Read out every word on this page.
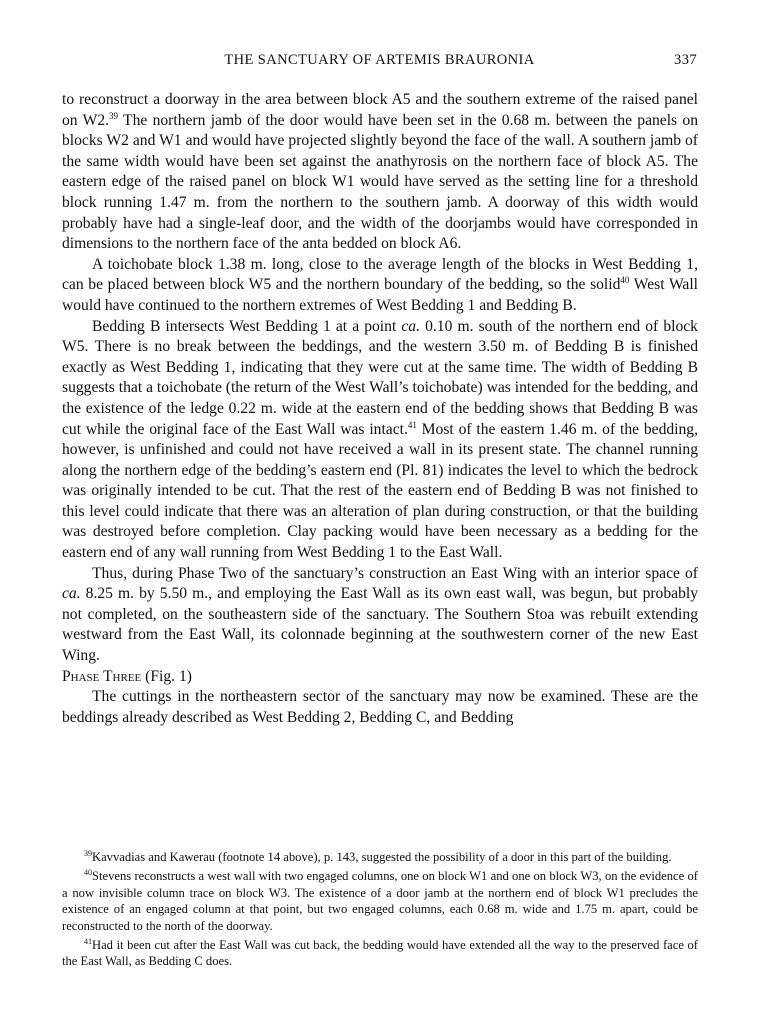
THE SANCTUARY OF ARTEMIS BRAURONIA	337

to reconstruct a doorway in the area between block A5 and the southern extreme of the raised panel on W2.39 The northern jamb of the door would have been set in the 0.68 m. between the panels on blocks W2 and W1 and would have projected slightly beyond the face of the wall. A southern jamb of the same width would have been set against the anathyrosis on the northern face of block A5. The eastern edge of the raised panel on block W1 would have served as the setting line for a threshold block running 1.47 m. from the northern to the southern jamb. A doorway of this width would probably have had a single-leaf door, and the width of the doorjambs would have corresponded in dimensions to the northern face of the anta bedded on block A6.

A toichobate block 1.38 m. long, close to the average length of the blocks in West Bedding 1, can be placed between block W5 and the northern boundary of the bedding, so the solid$^{40}$ West Wall would have continued to the northern extremes of West Bedding 1 and Bedding B.

Bedding B intersects West Bedding 1 at a point ca. 0.10 m. south of the northern end of block W5. There is no break between the beddings, and the western 3.50 m. of Bedding B is finished exactly as West Bedding 1, indicating that they were cut at the same time. The width of Bedding B suggests that a toichobate (the return of the West Wall’s toichobate) was intended for the bedding, and the existence of the ledge 0.22 m. wide at the eastern end of the bedding shows that Bedding B was cut while the original face of the East Wall was intact.$^{41}$ Most of the eastern 1.46 m. of the bedding, however, is unfinished and could not have received a wall in its present state. The channel running along the northern edge of the bedding’s eastern end (Pl. 81) indicates the level to which the bedrock was originally intended to be cut. That the rest of the eastern end of Bedding B was not finished to this level could indicate that there was an alteration of plan during construction, or that the building was destroyed before completion. Clay packing would have been necessary as a bedding for the eastern end of any wall running from West Bedding 1 to the East Wall.

Thus, during Phase Two of the sanctuary’s construction an East Wing with an interior space of ca. 8.25 m. by 5.50 m., and employing the East Wall as its own east wall, was begun, but probably not completed, on the southeastern side of the sanctuary. The Southern Stoa was rebuilt extending westward from the East Wall, its colonnade beginning at the southwestern corner of the new East Wing.

Phase Three (Fig. 1)

The cuttings in the northeastern sector of the sanctuary may now be examined. These are the beddings already described as West Bedding 2, Bedding C, and Bedding

$^{39}$Kavvadias and Kawerau (footnote 14 above), p. 143, suggested the possibility of a door in this part of the building.

$^{40}$Stevens reconstructs a west wall with two engaged columns, one on block W1 and one on block W3, on the evidence of a now invisible column trace on block W3. The existence of a door jamb at the northern end of block W1 precludes the existence of an engaged column at that point, but two engaged columns, each 0.68 m. wide and 1.75 m. apart, could be reconstructed to the north of the doorway.

$^{41}$Had it been cut after the East Wall was cut back, the bedding would have extended all the way to the preserved face of the East Wall, as Bedding C does.
